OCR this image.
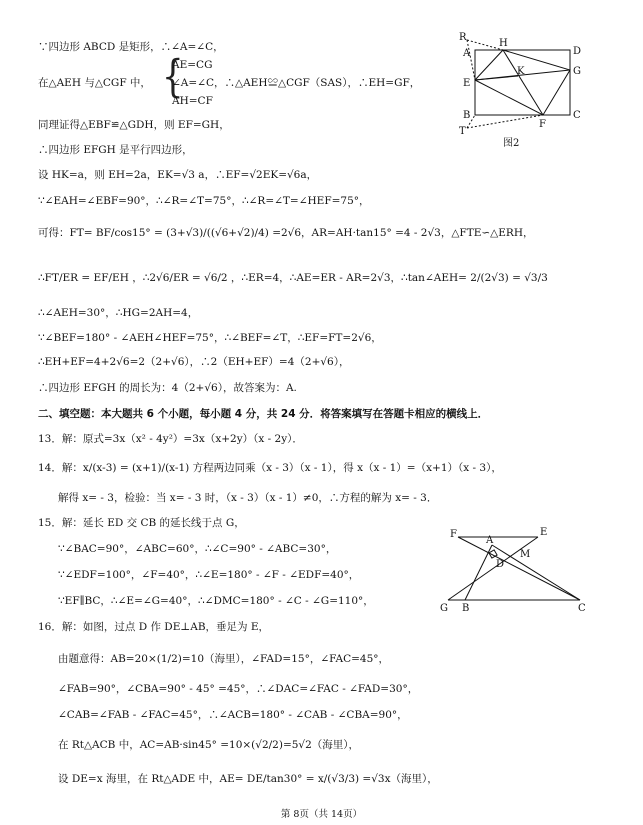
∵四边形 ABCD 是矩形，∴∠A=∠C，
在△AEH 与△CGF 中， {
AE=CG
∠A=∠C，∴△AEH≌△CGF（SAS），∴EH=GF，
AH=CF
同理证得△EBF≌△GDH，则 EF=GH，
∴四边形 EFGH 是平行四边形，
设 HK=a，则 EH=2a，EK=√3 a，∴EF=√2EK=√6a，
∵∠EAH=∠EBF=90°，∴∠R=∠T=75°，∴∠R=∠T=∠HEF=75°，
可得：FT= BF/cos15° = (3+√3)/((√6+√2)/4) =2√6，AR=AH·tan15° =4 - 2√3，△FTE∽△ERH，
∴FT/ER = EF/EH ，∴2√6/ER = √6/2 ，∴ER=4，∴AE=ER - AR=2√3，∴tan∠AEH= 2/(2√3) = √3/3
∴∠AEH=30°，∴HG=2AH=4，
∵∠BEF=180° - ∠AEH∠HEF=75°，∴∠BEF=∠T，∴EF=FT=2√6，
∴EH+EF=4+2√6=2（2+√6），∴2（EH+EF）=4（2+√6），
∴四边形 EFGH 的周长为：4（2+√6），故答案为：A.
二、填空题：本大题共 6 个小题，每小题 4 分，共 24 分．将答案填写在答题卡相应的横线上．
13．解：原式=3x（x² - 4y²）=3x（x+2y）（x - 2y）．
14．解：x/(x-3) = (x+1)/(x-1) 方程两边同乘（x - 3）（x - 1），得 x（x - 1）=（x+1）（x - 3），
解得 x= - 3，检验：当 x= - 3 时，（x - 3）（x - 1）≠0，∴方程的解为 x= - 3．
15．解：延长 ED 交 CB 的延长线于点 G，
∵∠BAC=90°，∠ABC=60°，∴∠C=90° - ∠ABC=30°，
∵∠EDF=100°，∠F=40°，∴∠E=180° - ∠F - ∠EDF=40°，
∵EF∥BC，∴∠E=∠G=40°，∴∠DMC=180° - ∠C - ∠G=110°，
16．解：如图，过点 D 作 DE⊥AB，垂足为 E，
由题意得：AB=20×(1/2)=10（海里），∠FAD=15°，∠FAC=45°，
∠FAB=90°，∠CBA=90° - 45° =45°，∴∠DAC=∠FAC - ∠FAD=30°，
∠CAB=∠FAB - ∠FAC=45°，∴∠ACB=180° - ∠CAB - ∠CBA=90°，
在 Rt△ACB 中，AC=AB·sin45° =10×(√2/2)=5√2（海里），
设 DE=x 海里，在 Rt△ADE 中，AE= DE/tan30° = x/(√3/3) =√3x（海里），
R
H
D
A
K	G
E
B
F
C
T
图2
F
A
E
M
D
G B	C
第 8页（共 14页）
